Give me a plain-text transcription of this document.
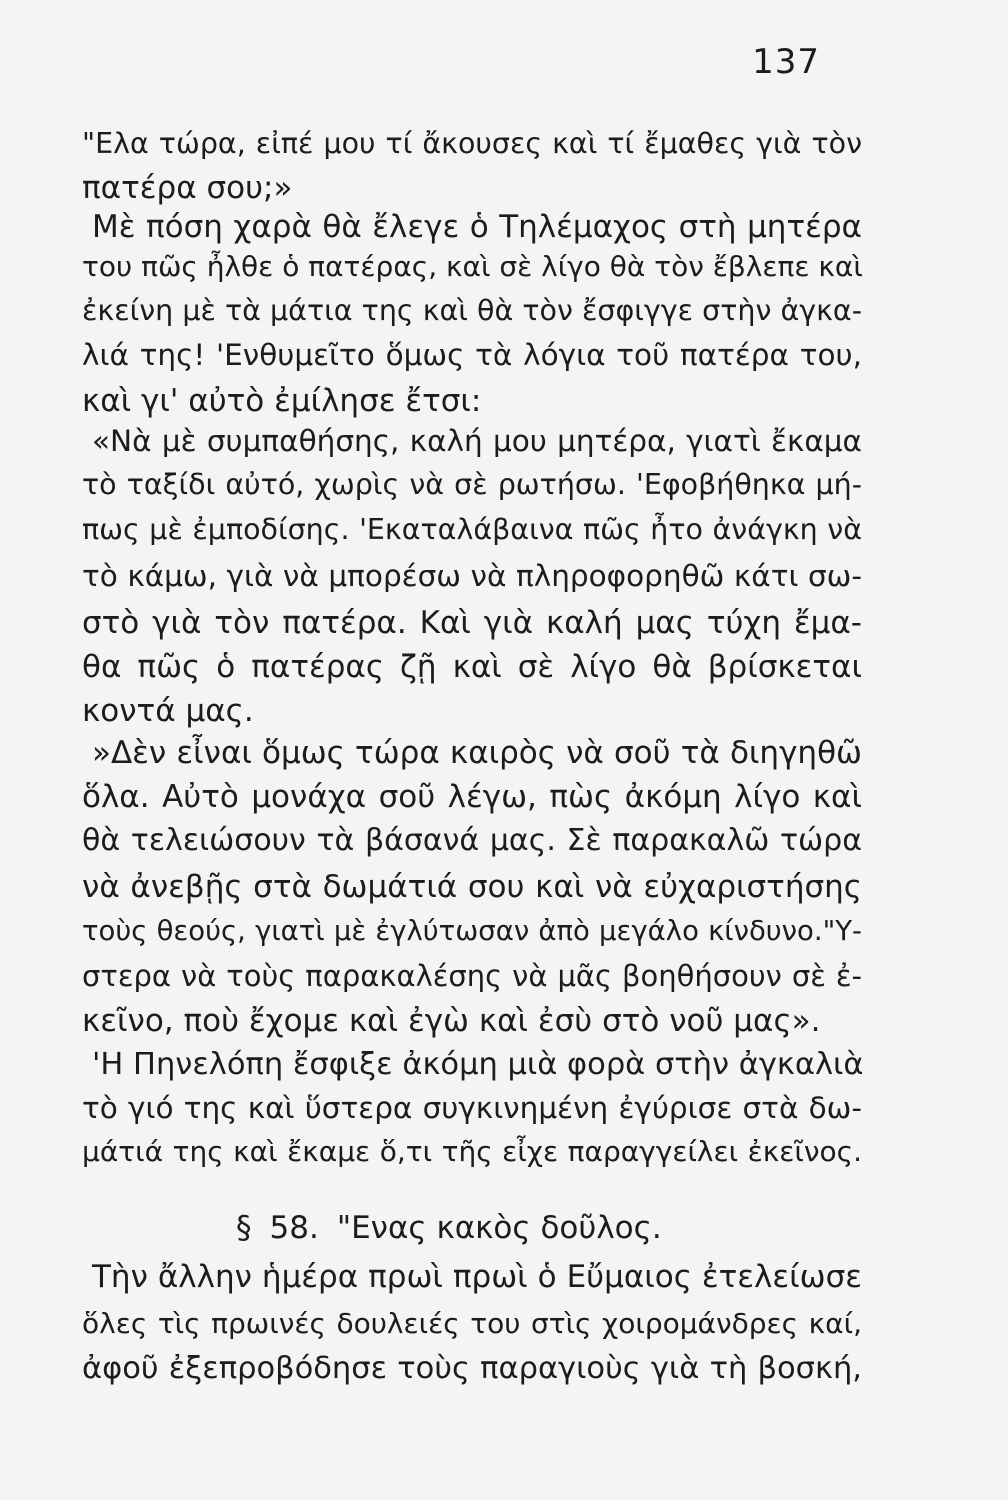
137
"Ελα τώρα, εἰπέ μου τί ἄκουσες καὶ τί ἔμαθες γιὰ τὸν
πατέρα σου;»
Μὲ πόση χαρὰ θὰ ἔλεγε ὁ Τηλέμαχος στὴ μητέρα
του πῶς ἦλθε ὁ πατέρας, καὶ σὲ λίγο θὰ τὸν ἔβλεπε καὶ
ἐκείνη μὲ τὰ μάτια της καὶ θὰ τὸν ἔσφιγγε στὴν ἀγκα-
λιά της! 'Ενθυμεῖτο ὅμως τὰ λόγια τοῦ πατέρα του,
καὶ γι' αὐτὸ ἐμίλησε ἔτσι:
«Νὰ μὲ συμπαθήσης, καλή μου μητέρα, γιατὶ ἔκαμα
τὸ ταξίδι αὐτό, χωρὶς νὰ σὲ ρωτήσω. 'Εφοβήθηκα μή-
πως μὲ ἐμποδίσης. 'Εκαταλάβαινα πῶς ἦτο ἀνάγκη νὰ
τὸ κάμω, γιὰ νὰ μπορέσω νὰ πληροφορηθῶ κάτι σω-
στὸ γιὰ τὸν πατέρα. Καὶ γιὰ καλή μας τύχη ἔμα-
θα πῶς ὁ πατέρας ζῇ καὶ σὲ λίγο θὰ βρίσκεται
κοντά μας.
»Δὲν εἶναι ὅμως τώρα καιρὸς νὰ σοῦ τὰ διηγηθῶ
ὅλα. Αὐτὸ μονάχα σοῦ λέγω, πὼς ἀκόμη λίγο καὶ
θὰ τελειώσουν τὰ βάσανά μας. Σὲ παρακαλῶ τώρα
νὰ ἀνεβῇς στὰ δωμάτιά σου καὶ νὰ εὐχαριστήσης
τοὺς θεούς, γιατὶ μὲ ἐγλύτωσαν ἀπὸ μεγάλο κίνδυνο."Υ-
στερα νὰ τοὺς παρακαλέσης νὰ μᾶς βοηθήσουν σὲ ἐ-
κεῖνο, ποὺ ἔχομε καὶ ἐγὼ καὶ ἐσὺ στὸ νοῦ μας».
'Η Πηνελόπη ἔσφιξε ἀκόμη μιὰ φορὰ στὴν ἀγκαλιὰ
τὸ γιό της καὶ ὕστερα συγκινημένη ἐγύρισε στὰ δω-
μάτιά της καὶ ἔκαμε ὅ,τι τῆς εἶχε παραγγείλει ἐκεῖνος.
§ 58. "Ενας κακὸς δοῦλος.
Τὴν ἄλλην ἡμέρα πρωὶ πρωὶ ὁ Εὔμαιος ἐτελείωσε
ὅλες τὶς πρωινές δουλειές του στὶς χοιρομάνδρες καί,
ἀφοῦ ἐξεπροβόδησε τοὺς παραγιοὺς γιὰ τὴ βοσκή,
